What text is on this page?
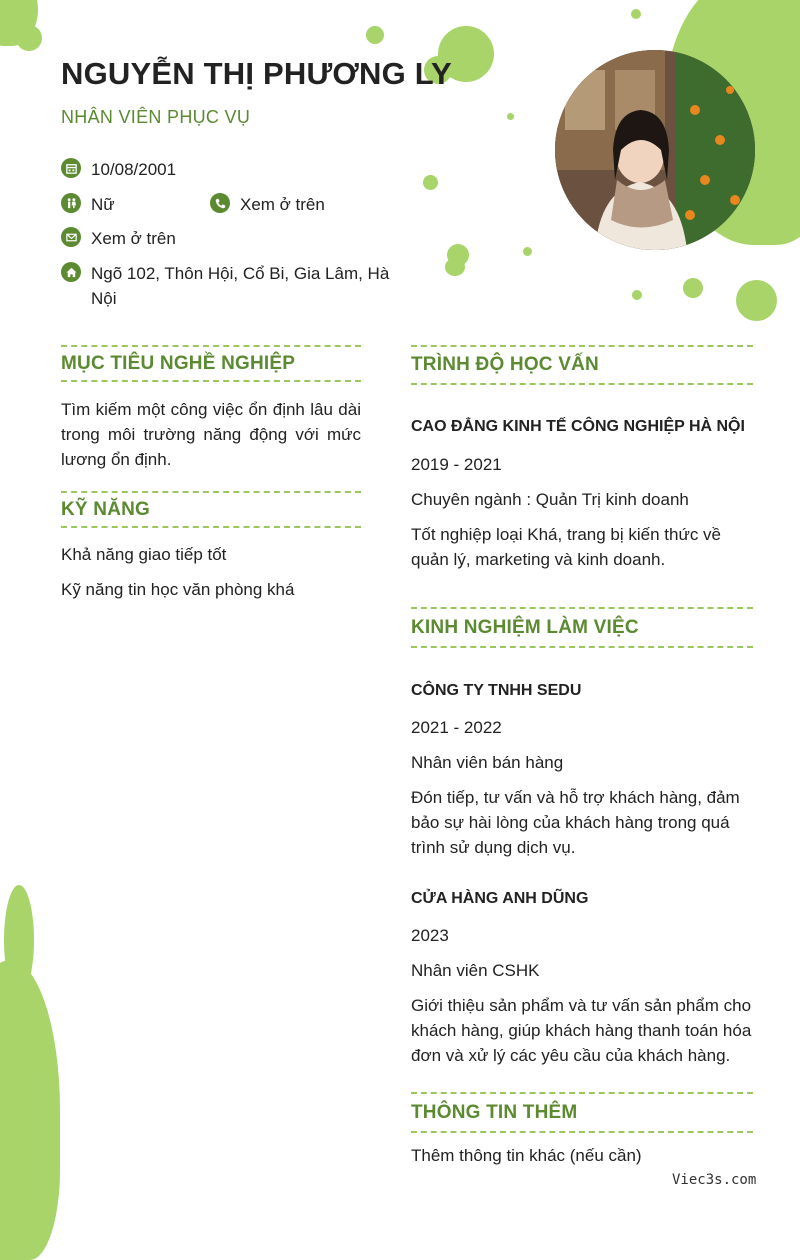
NGUYỄN THỊ PHƯƠNG LY
NHÂN VIÊN PHỤC VỤ
10/08/2001
Nữ	Xem ở trên
Xem ở trên
Ngõ 102, Thôn Hội, Cổ Bi, Gia Lâm, Hà Nội
MỤC TIÊU NGHỀ NGHIỆP

Tìm kiếm một công việc ổn định lâu dài trong môi trường năng động với mức lương ổn định.

KỸ NĂNG
Khả năng giao tiếp tốt
Kỹ năng tin học văn phòng khá
TRÌNH ĐỘ HỌC VẤN
CAO ĐẲNG KINH TẾ CÔNG NGHIỆP HÀ NỘI
2019 - 2021
Chuyên ngành : Quản Trị kinh doanh

Tốt nghiệp loại Khá, trang bị kiến thức về quản lý, marketing và kinh doanh.

KINH NGHIỆM LÀM VIỆC
CÔNG TY TNHH SEDU
2021 - 2022
Nhân viên bán hàng

Đón tiếp, tư vấn và hỗ trợ khách hàng, đảm bảo sự hài lòng của khách hàng trong quá trình sử dụng dịch vụ.

CỬA HÀNG ANH DŨNG
2023
Nhân viên CSHK

Giới thiệu sản phẩm và tư vấn sản phẩm cho khách hàng, giúp khách hàng thanh toán hóa đơn và xử lý các yêu cầu của khách hàng.

THÔNG TIN THÊM
Thêm thông tin khác (nếu cần)
Viec3s.com
